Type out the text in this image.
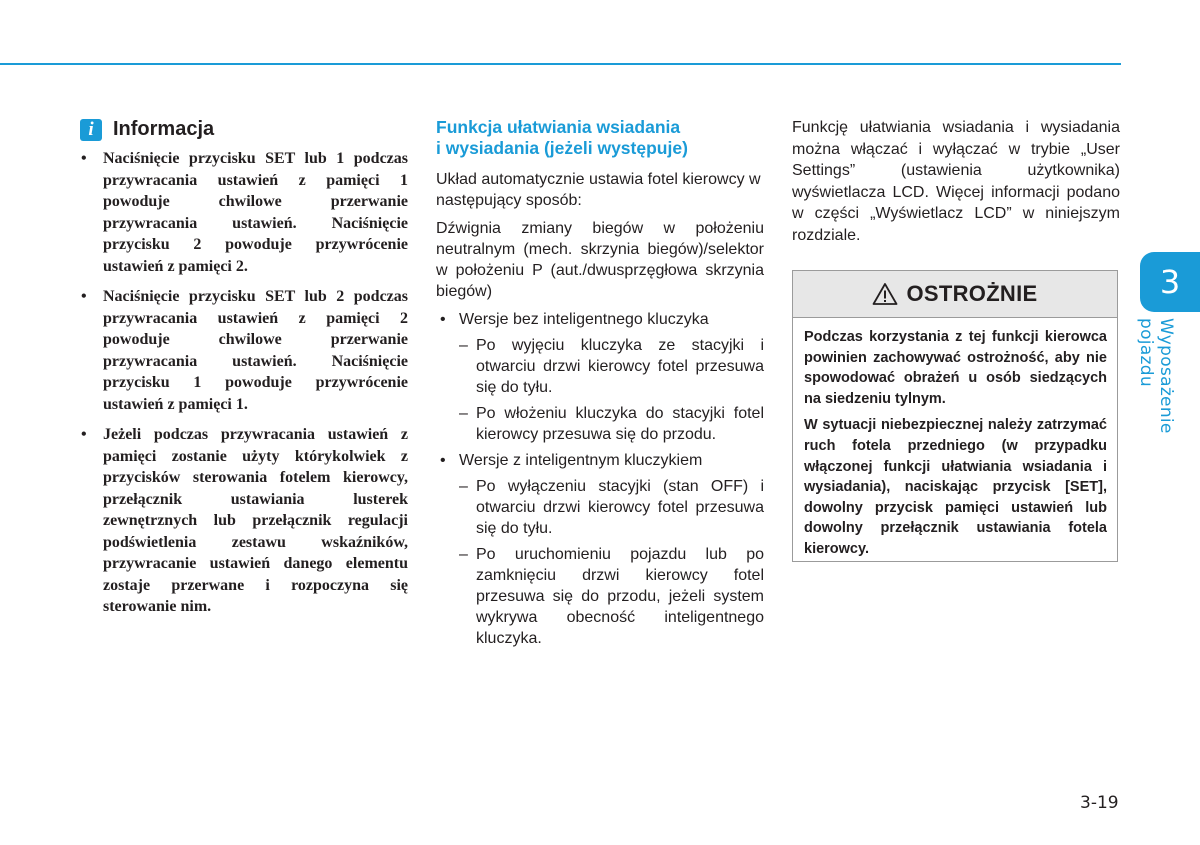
i Informacja
• Naciśnięcie przycisku SET lub 1 podczas przywracania ustawień z pamięci 1 powoduje chwilowe przerwanie przywracania ustawień. Naciśnięcie przycisku 2 powoduje przywrócenie ustawień z pamięci 2.
• Naciśnięcie przycisku SET lub 2 podczas przywracania ustawień z pamięci 2 powoduje chwilowe przerwanie przywracania ustawień. Naciśnięcie przycisku 1 powoduje przywrócenie ustawień z pamięci 1.
• Jeżeli podczas przywracania ustawień z pamięci zostanie użyty którykolwiek z przycisków sterowania fotelem kierowcy, przełącznik ustawiania lusterek zewnętrznych lub przełącznik regulacji podświetlenia zestawu wskaźników, przywracanie ustawień danego elementu zostaje przerwane i rozpoczyna się sterowanie nim.
Funkcja ułatwiania wsiadania
i wysiadania (jeżeli występuje)

Układ automatycznie ustawia fotel kierowcy w następujący sposób:

Dźwignia zmiany biegów w położeniu neutralnym (mech. skrzynia biegów)/selektor w położeniu P (aut./dwusprzęgłowa skrzynia biegów)

• Wersje bez inteligentnego kluczyka
– Po wyjęciu kluczyka ze stacyjki i otwarciu drzwi kierowcy fotel przesuwa się do tyłu.
– Po włożeniu kluczyka do stacyjki fotel kierowcy przesuwa się do przodu.
• Wersje z inteligentnym kluczykiem
– Po wyłączeniu stacyjki (stan OFF) i otwarciu drzwi kierowcy fotel przesuwa się do tyłu.
– Po uruchomieniu pojazdu lub po zamknięciu drzwi kierowcy fotel przesuwa się do przodu, jeżeli system wykrywa obecność inteligentnego kluczyka.

Funkcję ułatwiania wsiadania i wysiadania można włączać i wyłączać w trybie „User Settings” (ustawienia użytkownika) wyświetlacza LCD. Więcej informacji podano w części „Wyświetlacz LCD” w niniejszym rozdziale.

OSTROŻNIE

Podczas korzystania z tej funkcji kierowca powinien zachowywać ostrożność, aby nie spowodować obrażeń u osób siedzących na siedzeniu tylnym.

W sytuacji niebezpiecznej należy zatrzymać ruch fotela przedniego (w przypadku włączonej funkcji ułatwiania wsiadania i wysiadania), naciskając przycisk [SET], dowolny przycisk pamięci ustawień lub dowolny przełącznik ustawiania fotela kierowcy.

3
Wyposażenie pojazdu
3-19
